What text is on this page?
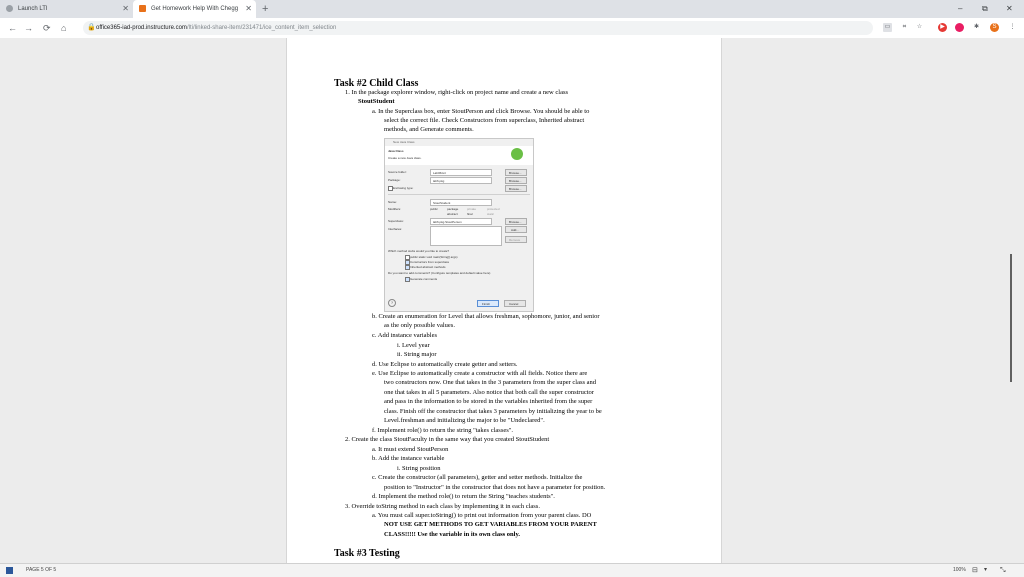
Launch LTI	✕	Get Homework Help With Chegg ✕ +	– ⧉ ✕
← → ⟳ ⌂	🔒 office365-iad-prod.instructure.com/lti/linked-share-item/231471/ice_content_item_selection	▭	⌗	☆	▶	✱	S	⋮
Task #2 Child Class
1. In the package explorer window, right-click on project name and create a new class
StoutStudent
a. In the Superclass box, enter StoutPerson and click Browse. You should be able to
select the correct file. Check Constructors from superclass, Inherited abstract
methods, and Generate comments.
b. Create an enumeration for Level that allows freshman, sophomore, junior, and senior
as the only possible values.
c. Add instance variables
i. Level year
ii. String major
d. Use Eclipse to automatically create getter and setters.
e. Use Eclipse to automatically create a constructor with all fields. Notice there are
two constructors now. One that takes in the 3 parameters from the super class and
one that takes in all 5 parameters. Also notice that both call the super constructor
and pass in the information to be stored in the variables inherited from the super
class. Finish off the constructor that takes 3 parameters by initializing the year to be
Level.freshman and initializing the major to be "Undeclared".
f. Implement role() to return the string "takes classes".
2. Create the class StoutFaculty in the same way that you created StoutStudent
a. It must extend StoutPerson
b. Add the instance variable
i. String position
c. Create the constructor (all parameters), getter and setter methods. Initialize the
position to "Instructor" in the constructor that does not have a parameter for position.
d. Implement the method role() to return the String "teaches students".
3. Override toString method in each class by implementing it in each class.
a. You must call super.toString() to print out information from your parent class. DO
NOT USE GET METHODS TO GET VARIABLES FROM YOUR PARENT
CLASS!!!!! Use the variable in its own class only.
Task #3 Testing
New Java Class
Java Class
Create a new Java class.
Source folder:	Lab06/src	Browse...
Package:	lab6.pkg	Browse...
Enclosing type:	Browse...
Name:	StoutStudent
Modifiers:	public	package	private	protected
abstract	final	static
Superclass:	lab6.pkg.StoutPerson	Browse...
Interfaces:	Add...
Remove
Which method stubs would you like to create?
public static void main(String[] args)
Constructors from superclass
Inherited abstract methods
Do you want to add comments? (Configure templates and default value here)
Generate comments
?	Finish	Cancel
PAGE 5 OF 5	100% ⊟ ▾ ⤡
